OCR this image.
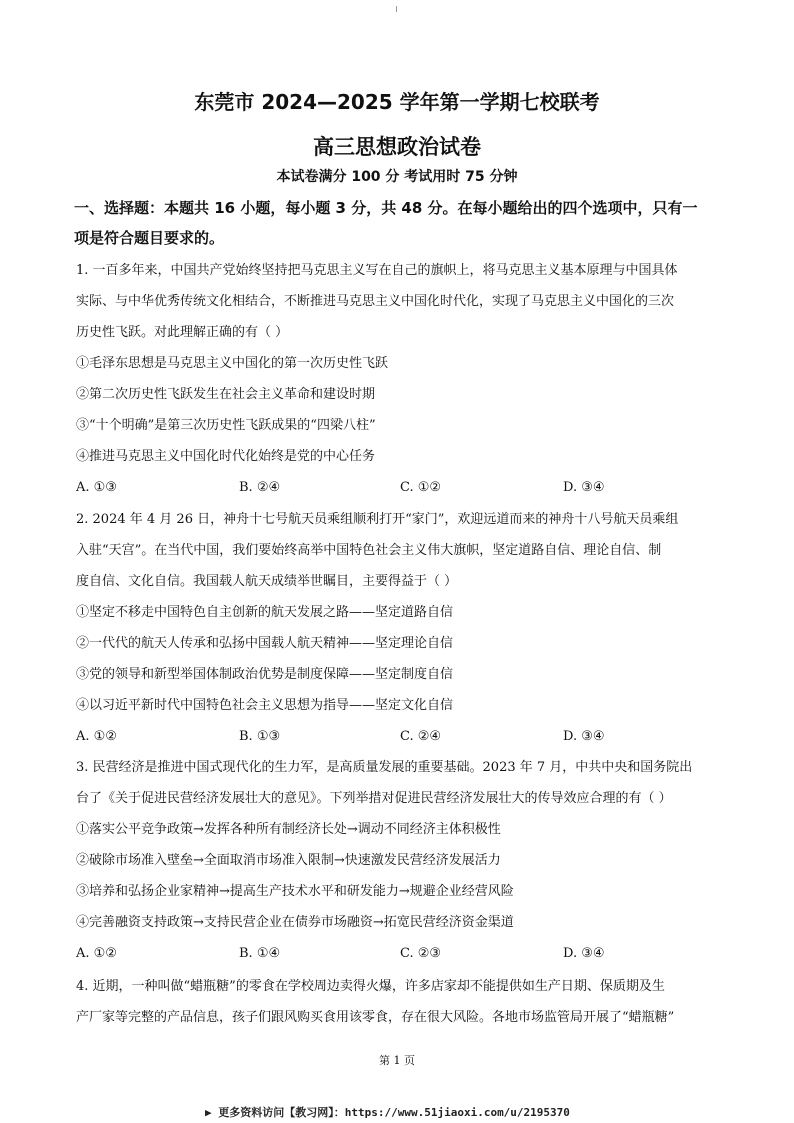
东莞市 2024—2025 学年第一学期七校联考
高三思想政治试卷
本试卷满分 100 分 考试用时 75 分钟
一、选择题：本题共 16 小题，每小题 3 分，共 48 分。在每小题给出的四个选项中，只有一
项是符合题目要求的。
1. 一百多年来，中国共产党始终坚持把马克思主义写在自己的旗帜上，将马克思主义基本原理与中国具体
实际、与中华优秀传统文化相结合，不断推进马克思主义中国化时代化，实现了马克思主义中国化的三次
历史性飞跃。对此理解正确的有（ ）
①毛泽东思想是马克思主义中国化的第一次历史性飞跃
②第二次历史性飞跃发生在社会主义革命和建设时期
③“十个明确”是第三次历史性飞跃成果的“四梁八柱”
④推进马克思主义中国化时代化始终是党的中心任务
A. ①③	B. ②④	C. ①②	D. ③④
2. 2024 年 4 月 26 日，神舟十七号航天员乘组顺利打开“家门”，欢迎远道而来的神舟十八号航天员乘组
入驻“天宫”。在当代中国，我们要始终高举中国特色社会主义伟大旗帜，坚定道路自信、理论自信、制
度自信、文化自信。我国载人航天成绩举世瞩目，主要得益于（ ）
①坚定不移走中国特色自主创新的航天发展之路——坚定道路自信
②一代代的航天人传承和弘扬中国载人航天精神——坚定理论自信
③党的领导和新型举国体制政治优势是制度保障——坚定制度自信
④以习近平新时代中国特色社会主义思想为指导——坚定文化自信
A. ①②	B. ①③	C. ②④	D. ③④
3. 民营经济是推进中国式现代化的生力军，是高质量发展的重要基础。2023 年 7 月，中共中央和国务院出
台了《关于促进民营经济发展壮大的意见》。下列举措对促进民营经济发展壮大的传导效应合理的有（ ）
①落实公平竞争政策→发挥各种所有制经济长处→调动不同经济主体积极性
②破除市场准入壁垒→全面取消市场准入限制→快速激发民营经济发展活力
③培养和弘扬企业家精神→提高生产技术水平和研发能力→规避企业经营风险
④完善融资支持政策→支持民营企业在债券市场融资→拓宽民营经济资金渠道
A. ①②	B. ①④	C. ②③	D. ③④
4. 近期，一种叫做“蜡瓶糖”的零食在学校周边卖得火爆，许多店家却不能提供如生产日期、保质期及生
产厂家等完整的产品信息，孩子们跟风购买食用该零食，存在很大风险。各地市场监管局开展了“蜡瓶糖”
第 1 页
▶ 更多资料访问【教习网】：https://www.51jiaoxi.com/u/2195370
